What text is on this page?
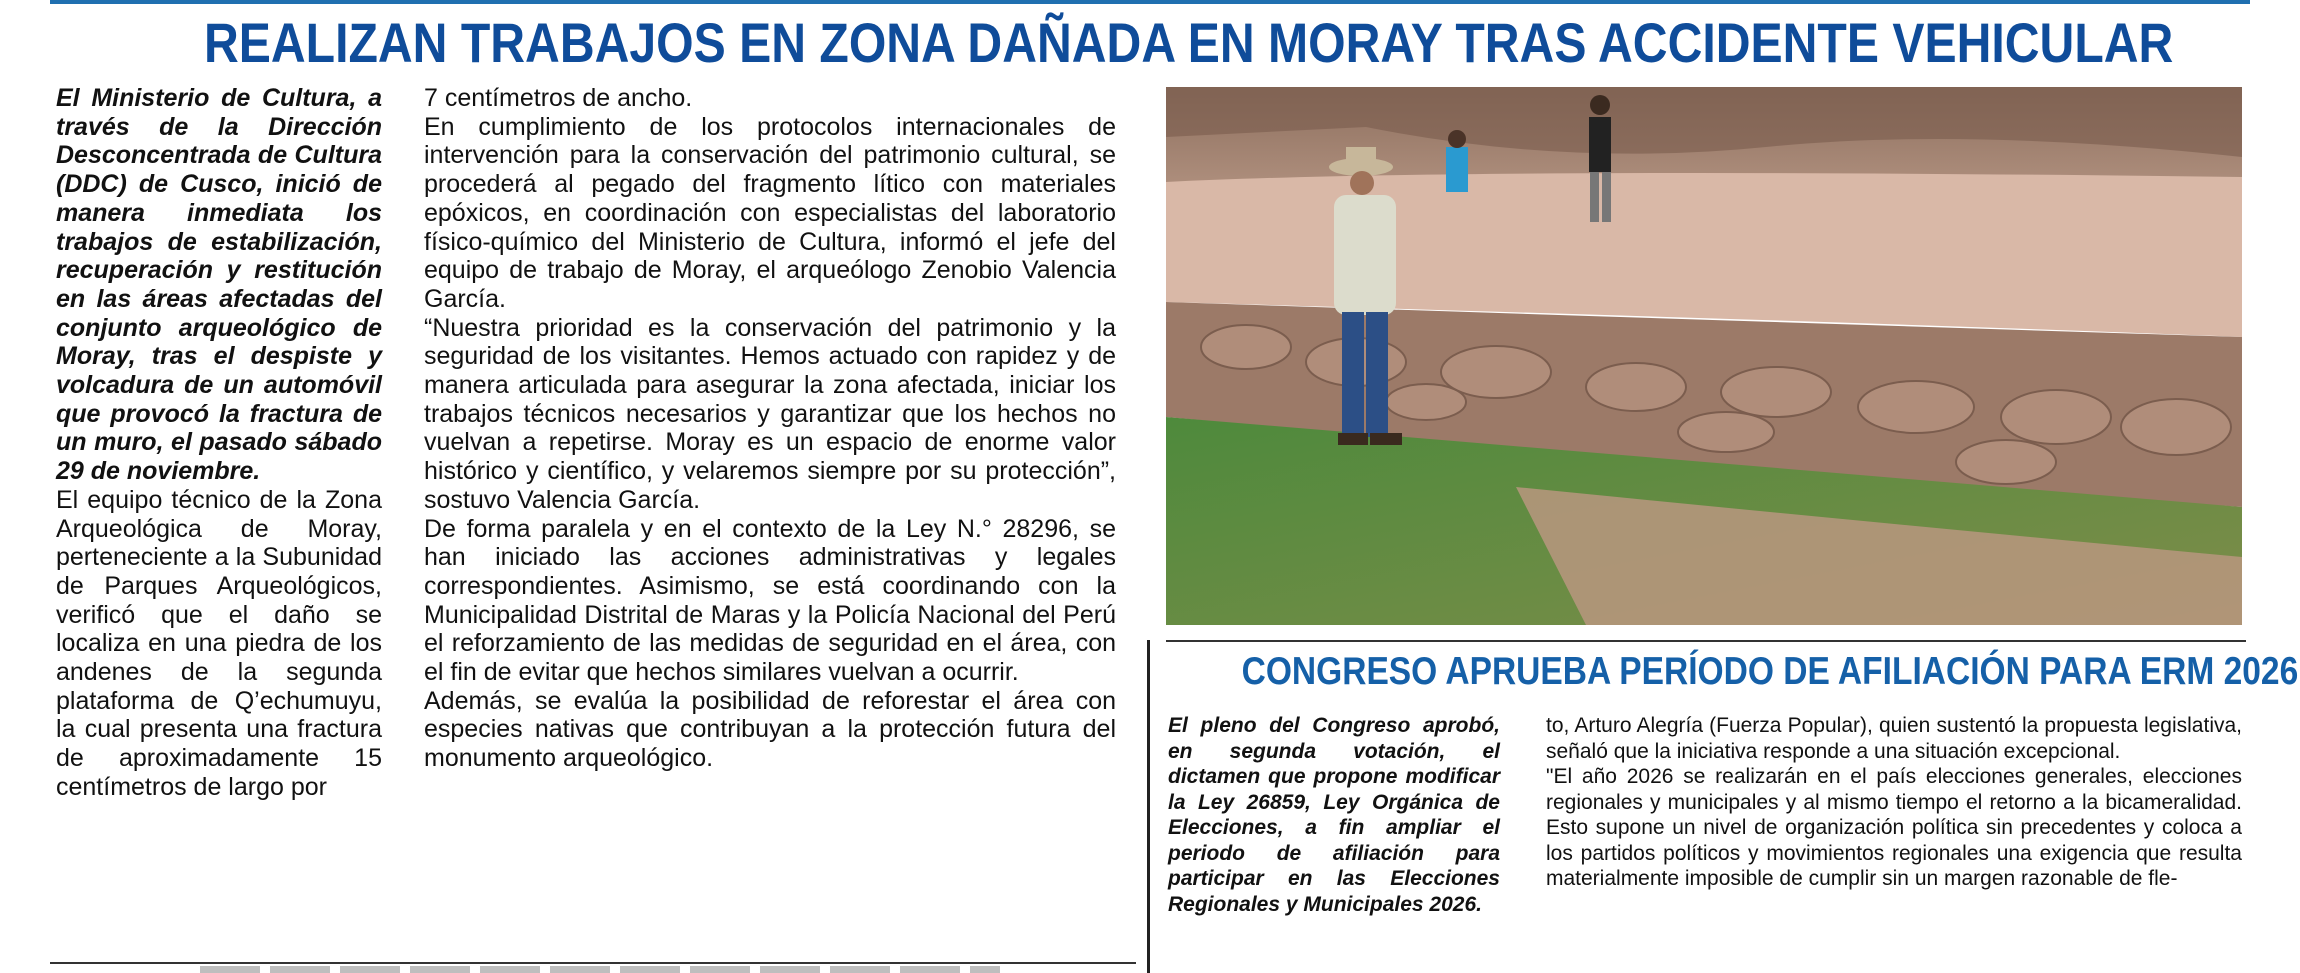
REALIZAN TRABAJOS EN ZONA DAÑADA EN MORAY TRAS ACCIDENTE VEHICULAR

El Ministerio de Cultura, a través de la Dirección Desconcentrada de Cultura (DDC) de Cusco, inició de manera inmediata los trabajos de estabilización, recuperación y restitución en las áreas afectadas del conjunto arqueológico de Moray, tras el despiste y volcadura de un automóvil que provocó la fractura de un muro, el pasado sábado 29 de noviembre.

El equipo técnico de la Zona Arqueológica de Moray, perteneciente a la Subunidad de Parques Arqueológicos, verificó que el daño se localiza en una piedra de los andenes de la segunda plataforma de Q’echumuyu, la cual presenta una fractura de aproximadamente 15 centímetros de largo por

7 centímetros de ancho.

En cumplimiento de los protocolos internacionales de intervención para la conservación del patrimonio cultural, se procederá al pegado del fragmento lítico con materiales epóxicos, en coordinación con especialistas del laboratorio físico-químico del Ministerio de Cultura, informó el jefe del equipo de trabajo de Moray, el arqueólogo Zenobio Valencia García.

“Nuestra prioridad es la conservación del patrimonio y la seguridad de los visitantes. Hemos actuado con rapidez y de manera articulada para asegurar la zona afectada, iniciar los trabajos técnicos necesarios y garantizar que los hechos no vuelvan a repetirse. Moray es un espacio de enorme valor histórico y científico, y velaremos siempre por su protección”, sostuvo Valencia García.

De forma paralela y en el contexto de la Ley N.° 28296, se han iniciado las acciones administrativas y legales correspondientes. Asimismo, se está coordinando con la Municipalidad Distrital de Maras y la Policía Nacional del Perú el reforzamiento de las medidas de seguridad en el área, con el fin de evitar que hechos similares vuelvan a ocurrir.

Además, se evalúa la posibilidad de reforestar el área con especies nativas que contribuyan a la protección futura del monumento arqueológico.

CONGRESO APRUEBA PERÍODO DE AFILIACIÓN PARA ERM 2026

El pleno del Congreso aprobó, en segunda votación, el dictamen que propone modificar la Ley 26859, Ley Orgánica de Elecciones, a fin ampliar el periodo de afiliación para participar en las Elecciones Regionales y Municipales 2026.

to, Arturo Alegría (Fuerza Popular), quien sustentó la propuesta legislativa, señaló que la iniciativa responde a una situación excepcional.

"El año 2026 se realizarán en el país elecciones generales, elecciones regionales y municipales y al mismo tiempo el retorno a la bicameralidad. Esto supone un nivel de organización política sin precedentes y coloca a los partidos políticos y movimientos regionales una exigencia que resulta materialmente imposible de cumplir sin un margen razonable de fle-
